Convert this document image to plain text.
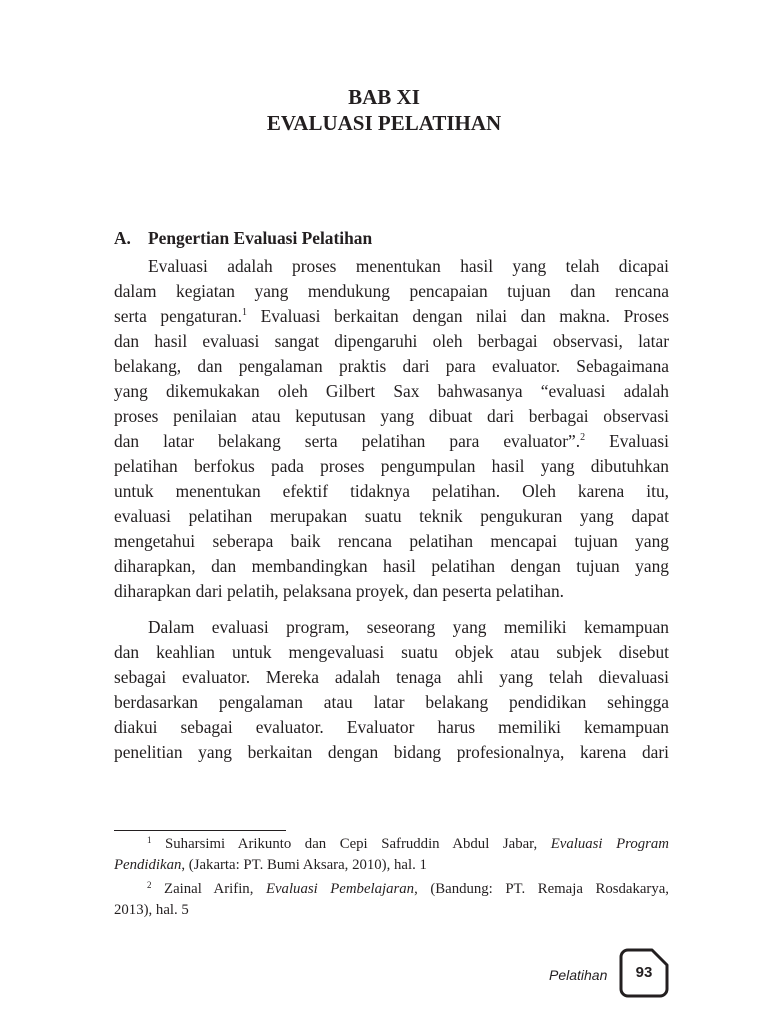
BAB XI
EVALUASI PELATIHAN
A. Pengertian Evaluasi Pelatihan
Evaluasi adalah proses menentukan hasil yang telah dicapai
dalam kegiatan yang mendukung pencapaian tujuan dan rencana
serta pengaturan.$^1$ Evaluasi berkaitan dengan nilai dan makna. Proses
dan hasil evaluasi sangat dipengaruhi oleh berbagai observasi, latar
belakang, dan pengalaman praktis dari para evaluator. Sebagaimana
yang dikemukakan oleh Gilbert Sax bahwasanya “evaluasi adalah
proses penilaian atau keputusan yang dibuat dari berbagai observasi
dan latar belakang serta pelatihan para evaluator”.$^2$ Evaluasi
pelatihan berfokus pada proses pengumpulan hasil yang dibutuhkan
untuk menentukan efektif tidaknya pelatihan. Oleh karena itu,
evaluasi pelatihan merupakan suatu teknik pengukuran yang dapat
mengetahui seberapa baik rencana pelatihan mencapai tujuan yang
diharapkan, dan membandingkan hasil pelatihan dengan tujuan yang
diharapkan dari pelatih, pelaksana proyek, dan peserta pelatihan.
Dalam evaluasi program, seseorang yang memiliki kemampuan
dan keahlian untuk mengevaluasi suatu objek atau subjek disebut
sebagai evaluator. Mereka adalah tenaga ahli yang telah dievaluasi
berdasarkan pengalaman atau latar belakang pendidikan sehingga
diakui sebagai evaluator. Evaluator harus memiliki kemampuan
penelitian yang berkaitan dengan bidang profesionalnya, karena dari
$^1$ Suharsimi Arikunto dan Cepi Safruddin Abdul Jabar, Evaluasi Program
Pendidikan, (Jakarta: PT. Bumi Aksara, 2010), hal. 1
$^2$ Zainal Arifin, Evaluasi Pembelajaran, (Bandung: PT. Remaja Rosdakarya,
2013), hal. 5
Pelatihan	93
